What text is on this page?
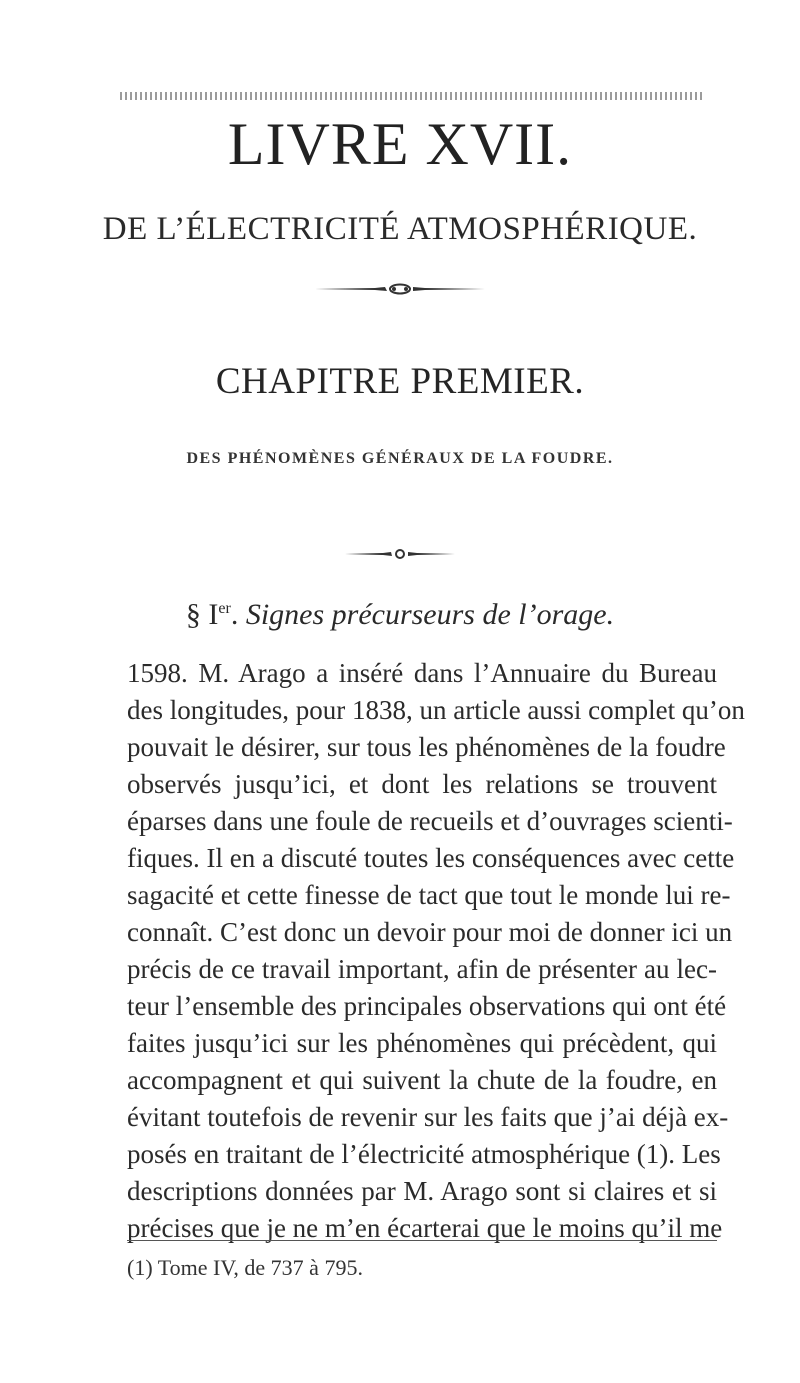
LIVRE XVII.
DE L’ÉLECTRICITÉ ATMOSPHÉRIQUE.
CHAPITRE PREMIER.
DES PHÉNOMÈNES GÉNÉRAUX DE LA FOUDRE.
§ Ier. Signes précurseurs de l’orage.
1598. M. Arago a inséré dans l’Annuaire du Bureau
des longitudes, pour 1838, un article aussi complet qu’on
pouvait le désirer, sur tous les phénomènes de la foudre
observés jusqu’ici, et dont les relations se trouvent
éparses dans une foule de recueils et d’ouvrages scienti-
fiques. Il en a discuté toutes les conséquences avec cette
sagacité et cette finesse de tact que tout le monde lui re-
connaît. C’est donc un devoir pour moi de donner ici un
précis de ce travail important, afin de présenter au lec-
teur l’ensemble des principales observations qui ont été
faites jusqu’ici sur les phénomènes qui précèdent, qui
accompagnent et qui suivent la chute de la foudre, en
évitant toutefois de revenir sur les faits que j’ai déjà ex-
posés en traitant de l’électricité atmosphérique (1). Les
descriptions données par M. Arago sont si claires et si
précises que je ne m’en écarterai que le moins qu’il me
(1) Tome IV, de 737 à 795.
